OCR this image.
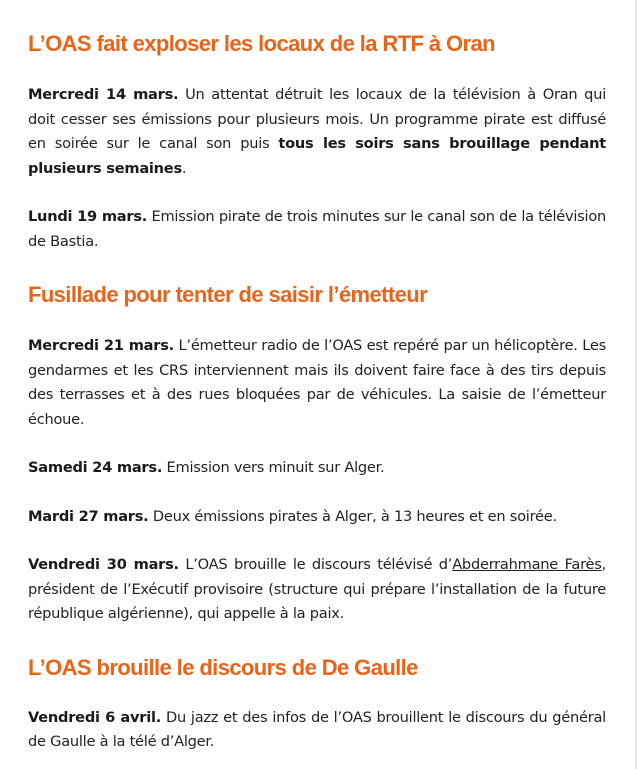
L’OAS fait exploser les locaux de la RTF à Oran

Mercredi 14 mars. Un attentat détruit les locaux de la télévision à Oran qui doit cesser ses émissions pour plusieurs mois. Un programme pirate est diffusé en soirée sur le canal son puis tous les soirs sans brouillage pendant plusieurs semaines.

Lundi 19 mars. Emission pirate de trois minutes sur le canal son de la télévision de Bastia.

Fusillade pour tenter de saisir l’émetteur

Mercredi 21 mars. L’émetteur radio de l’OAS est repéré par un hélicoptère. Les gendarmes et les CRS interviennent mais ils doivent faire face à des tirs depuis des terrasses et à des rues bloquées par de véhicules. La saisie de l’émetteur échoue.

Samedi 24 mars. Emission vers minuit sur Alger.

Mardi 27 mars. Deux émissions pirates à Alger, à 13 heures et en soirée.

Vendredi 30 mars. L’OAS brouille le discours télévisé d’Abderrahmane Farès, président de l’Exécutif provisoire (structure qui prépare l’installation de la future république algérienne), qui appelle à la paix.

L’OAS brouille le discours de De Gaulle

Vendredi 6 avril. Du jazz et des infos de l’OAS brouillent le discours du général de Gaulle à la télé d’Alger.
